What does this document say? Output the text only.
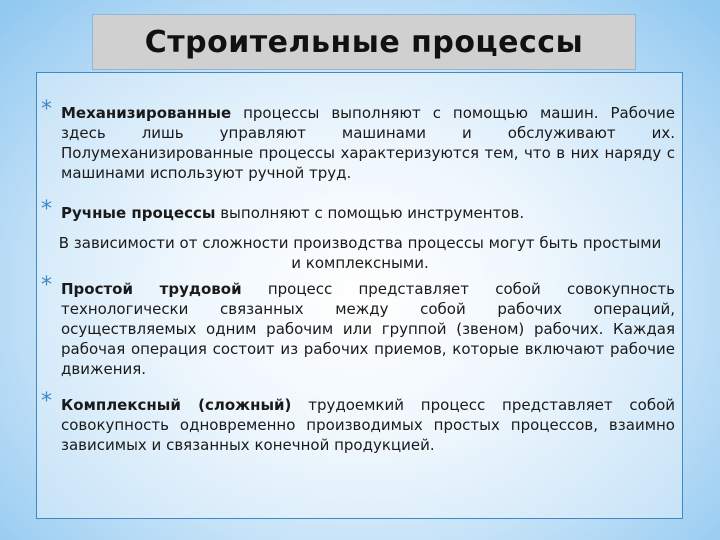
Строительные процессы
* Механизированные процессы выполняют с помощью машин. Рабочие здесь лишь управляют машинами и обслуживают их. Полумеханизированные процессы характеризуются тем, что в них наряду с машинами используют ручной труд.
* Ручные процессы выполняют с помощью инструментов.
В зависимости от сложности производства процессы могут быть простыми и комплексными.
* Простой трудовой процесс представляет собой совокупность технологически связанных между собой рабочих операций, осуществляемых одним рабочим или группой (звеном) рабочих. Каждая рабочая операция состоит из рабочих приемов, которые включают рабочие движения.
* Комплексный (сложный) трудоемкий процесс представляет собой совокупность одновременно производимых простых процессов, взаимно зависимых и связанных конечной продукцией.
